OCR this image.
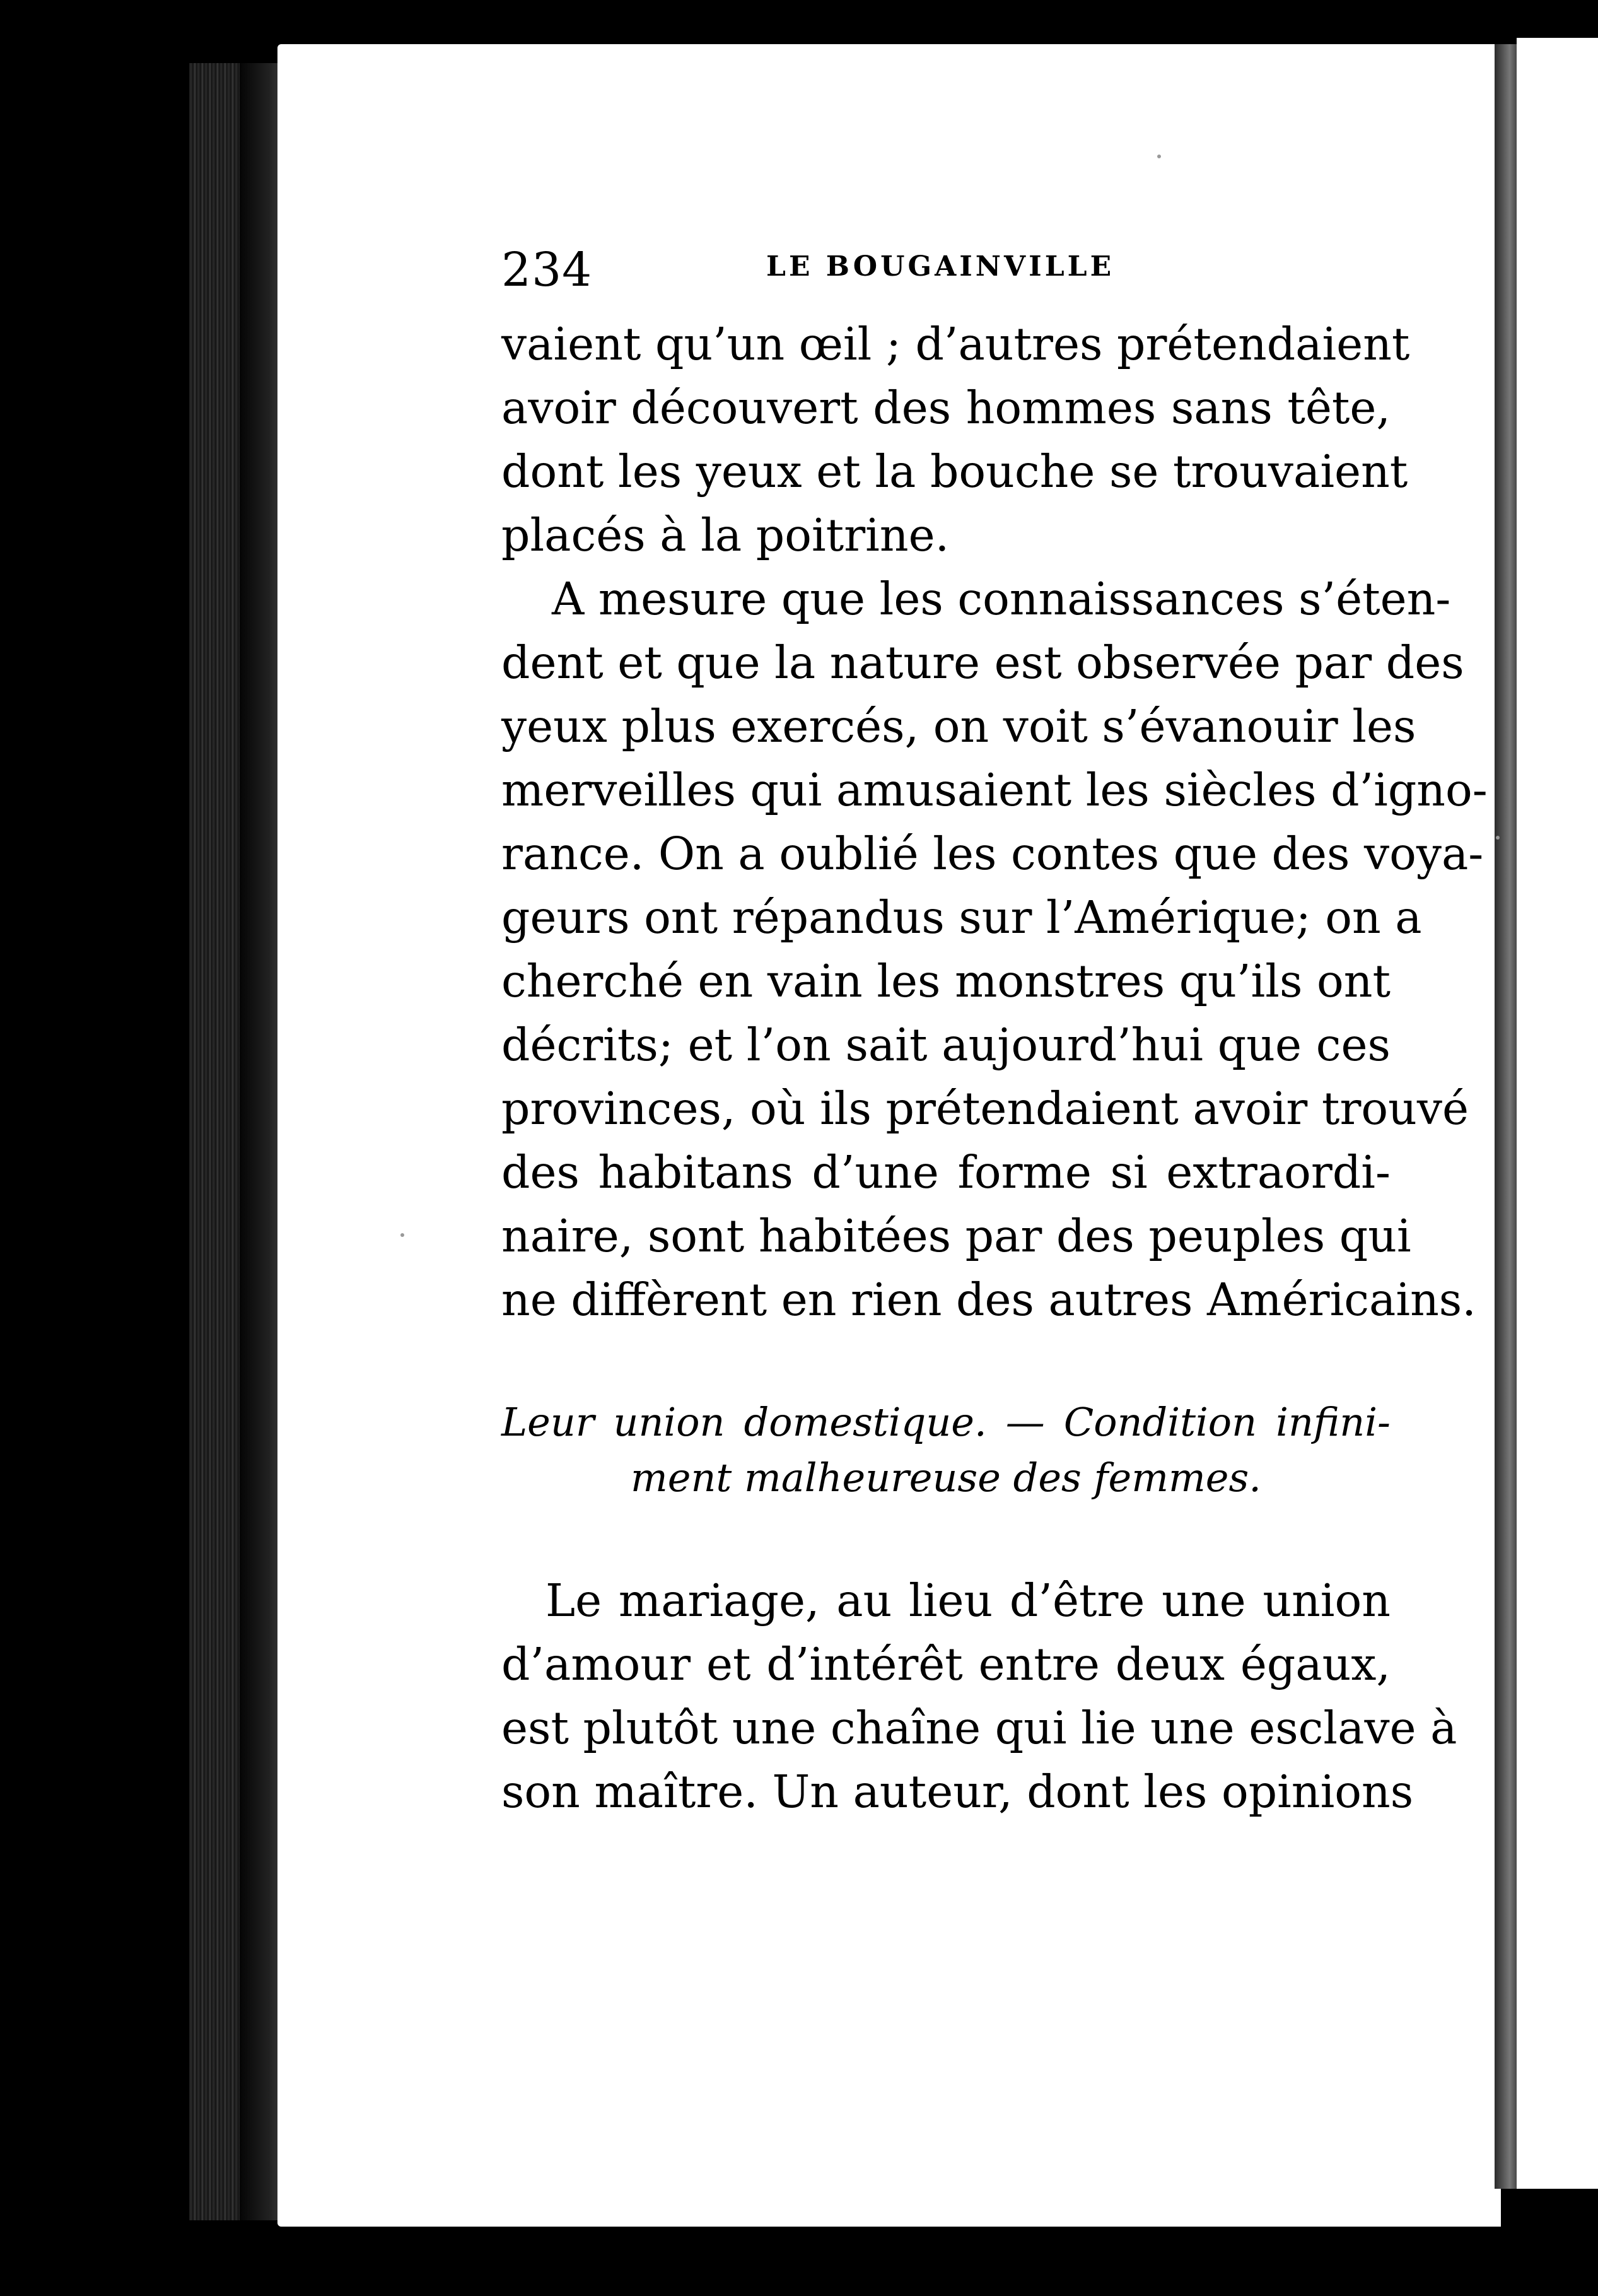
234	LE BOUGAINVILLE
vaient qu’un œil ; d’autres prétendaient
avoir découvert des hommes sans tête,
dont les yeux et la bouche se trouvaient
placés à la poitrine.
A mesure que les connaissances s’éten-
dent et que la nature est observée par des
yeux plus exercés, on voit s’évanouir les
merveilles qui amusaient les siècles d’igno-
rance. On a oublié les contes que des voya-
geurs ont répandus sur l’Amérique; on a
cherché en vain les monstres qu’ils ont
décrits; et l’on sait aujourd’hui que ces
provinces, où ils prétendaient avoir trouvé
des habitans d’une forme si extraordi-
naire, sont habitées par des peuples qui
ne diffèrent en rien des autres Américains.
Leur union domestique. — Condition infini-
ment malheureuse des femmes.
Le mariage, au lieu d’être une union
d’amour et d’intérêt entre deux égaux,
est plutôt une chaîne qui lie une esclave à
son maître. Un auteur, dont les opinions
